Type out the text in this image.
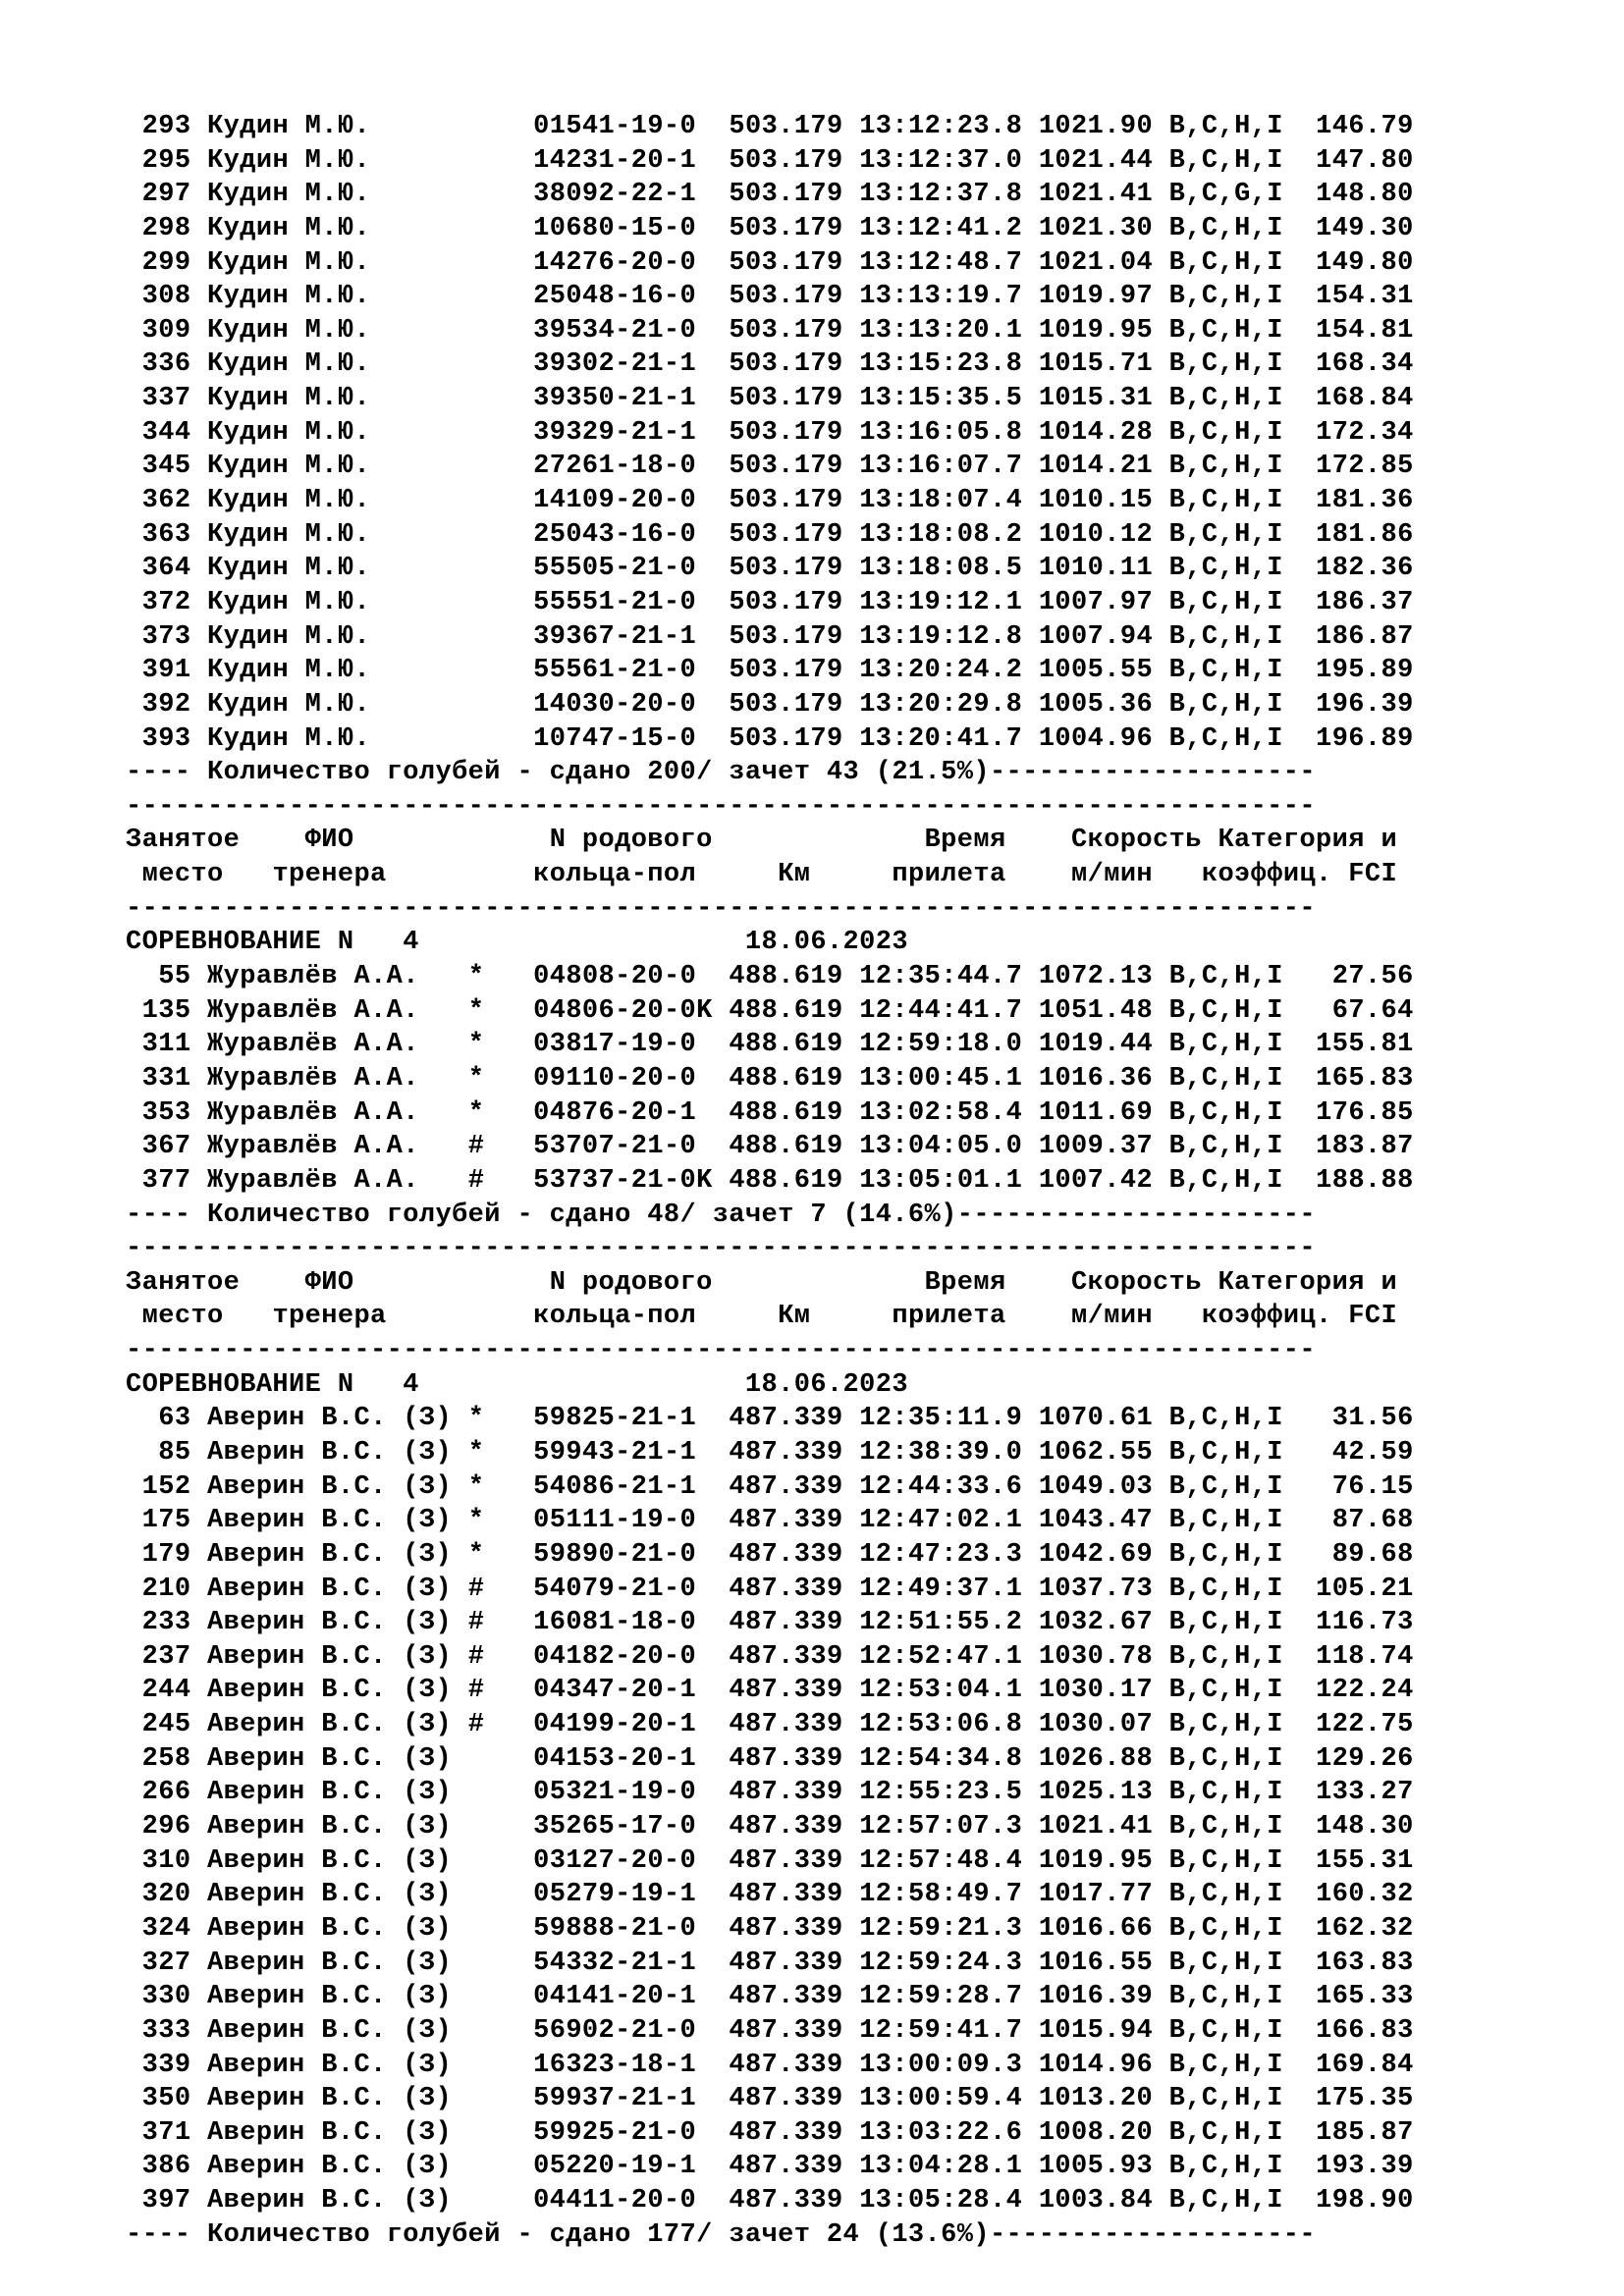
293 Кудин М.Ю.	01541-19-0 503.179 13:12:23.8 1021.90 B,C,H,I 146.79
295 Кудин М.Ю.	14231-20-1 503.179 13:12:37.0 1021.44 B,C,H,I 147.80
297 Кудин М.Ю.	38092-22-1 503.179 13:12:37.8 1021.41 B,C,G,I 148.80
298 Кудин М.Ю.	10680-15-0 503.179 13:12:41.2 1021.30 B,C,H,I 149.30
299 Кудин М.Ю.	14276-20-0 503.179 13:12:48.7 1021.04 B,C,H,I 149.80
308 Кудин М.Ю.	25048-16-0 503.179 13:13:19.7 1019.97 B,C,H,I 154.31
309 Кудин М.Ю.	39534-21-0 503.179 13:13:20.1 1019.95 B,C,H,I 154.81
336 Кудин М.Ю.	39302-21-1 503.179 13:15:23.8 1015.71 B,C,H,I 168.34
337 Кудин М.Ю.	39350-21-1 503.179 13:15:35.5 1015.31 B,C,H,I 168.84
344 Кудин М.Ю.	39329-21-1 503.179 13:16:05.8 1014.28 B,C,H,I 172.34
345 Кудин М.Ю.	27261-18-0 503.179 13:16:07.7 1014.21 B,C,H,I 172.85
362 Кудин М.Ю.	14109-20-0 503.179 13:18:07.4 1010.15 B,C,H,I 181.36
363 Кудин М.Ю.	25043-16-0 503.179 13:18:08.2 1010.12 B,C,H,I 181.86
364 Кудин М.Ю.	55505-21-0 503.179 13:18:08.5 1010.11 B,C,H,I 182.36
372 Кудин М.Ю.	55551-21-0 503.179 13:19:12.1 1007.97 B,C,H,I 186.37
373 Кудин М.Ю.	39367-21-1 503.179 13:19:12.8 1007.94 B,C,H,I 186.87
391 Кудин М.Ю.	55561-21-0 503.179 13:20:24.2 1005.55 B,C,H,I 195.89
392 Кудин М.Ю.	14030-20-0 503.179 13:20:29.8 1005.36 B,C,H,I 196.39
393 Кудин М.Ю.	10747-15-0 503.179 13:20:41.7 1004.96 B,C,H,I 196.89
---- Количество голубей - сдано 200/ зачет 43 (21.5%)--------------------
-------------------------------------------------------------------------
Занятое ФИО	N родового	Время Скорость Категория и
место тренера	кольца-пол	Км	прилета м/мин коэффиц. FCI
-------------------------------------------------------------------------
СОРЕВНОВАНИЕ N 4	18.06.2023
55 Журавлёв А.А. * 04808-20-0 488.619 12:35:44.7 1072.13 B,C,H,I 27.56
135 Журавлёв А.А. * 04806-20-0K 488.619 12:44:41.7 1051.48 B,C,H,I 67.64
311 Журавлёв А.А. * 03817-19-0 488.619 12:59:18.0 1019.44 B,C,H,I 155.81
331 Журавлёв А.А. * 09110-20-0 488.619 13:00:45.1 1016.36 B,C,H,I 165.83
353 Журавлёв А.А. * 04876-20-1 488.619 13:02:58.4 1011.69 B,C,H,I 176.85
367 Журавлёв А.А. # 53707-21-0 488.619 13:04:05.0 1009.37 B,C,H,I 183.87
377 Журавлёв А.А. # 53737-21-0K 488.619 13:05:01.1 1007.42 B,C,H,I 188.88
---- Количество голубей - сдано 48/ зачет 7 (14.6%)----------------------
-------------------------------------------------------------------------
Занятое ФИО	N родового	Время Скорость Категория и
место тренера	кольца-пол	Км	прилета м/мин коэффиц. FCI
-------------------------------------------------------------------------
СОРЕВНОВАНИЕ N 4	18.06.2023
63 Аверин В.С. (З) * 59825-21-1 487.339 12:35:11.9 1070.61 B,C,H,I 31.56
85 Аверин В.С. (З) * 59943-21-1 487.339 12:38:39.0 1062.55 B,C,H,I 42.59
152 Аверин В.С. (З) * 54086-21-1 487.339 12:44:33.6 1049.03 B,C,H,I 76.15
175 Аверин В.С. (З) * 05111-19-0 487.339 12:47:02.1 1043.47 B,C,H,I 87.68
179 Аверин В.С. (З) * 59890-21-0 487.339 12:47:23.3 1042.69 B,C,H,I 89.68
210 Аверин В.С. (З) # 54079-21-0 487.339 12:49:37.1 1037.73 B,C,H,I 105.21
233 Аверин В.С. (З) # 16081-18-0 487.339 12:51:55.2 1032.67 B,C,H,I 116.73
237 Аверин В.С. (З) # 04182-20-0 487.339 12:52:47.1 1030.78 B,C,H,I 118.74
244 Аверин В.С. (З) # 04347-20-1 487.339 12:53:04.1 1030.17 B,C,H,I 122.24
245 Аверин В.С. (З) # 04199-20-1 487.339 12:53:06.8 1030.07 B,C,H,I 122.75
258 Аверин В.С. (З)	04153-20-1 487.339 12:54:34.8 1026.88 B,C,H,I 129.26
266 Аверин В.С. (З)	05321-19-0 487.339 12:55:23.5 1025.13 B,C,H,I 133.27
296 Аверин В.С. (З)	35265-17-0 487.339 12:57:07.3 1021.41 B,C,H,I 148.30
310 Аверин В.С. (З)	03127-20-0 487.339 12:57:48.4 1019.95 B,C,H,I 155.31
320 Аверин В.С. (З)	05279-19-1 487.339 12:58:49.7 1017.77 B,C,H,I 160.32
324 Аверин В.С. (З)	59888-21-0 487.339 12:59:21.3 1016.66 B,C,H,I 162.32
327 Аверин В.С. (З)	54332-21-1 487.339 12:59:24.3 1016.55 B,C,H,I 163.83
330 Аверин В.С. (З)	04141-20-1 487.339 12:59:28.7 1016.39 B,C,H,I 165.33
333 Аверин В.С. (З)	56902-21-0 487.339 12:59:41.7 1015.94 B,C,H,I 166.83
339 Аверин В.С. (З)	16323-18-1 487.339 13:00:09.3 1014.96 B,C,H,I 169.84
350 Аверин В.С. (З)	59937-21-1 487.339 13:00:59.4 1013.20 B,C,H,I 175.35
371 Аверин В.С. (З)	59925-21-0 487.339 13:03:22.6 1008.20 B,C,H,I 185.87
386 Аверин В.С. (З)	05220-19-1 487.339 13:04:28.1 1005.93 B,C,H,I 193.39
397 Аверин В.С. (З)	04411-20-0 487.339 13:05:28.4 1003.84 B,C,H,I 198.90
---- Количество голубей - сдано 177/ зачет 24 (13.6%)--------------------
